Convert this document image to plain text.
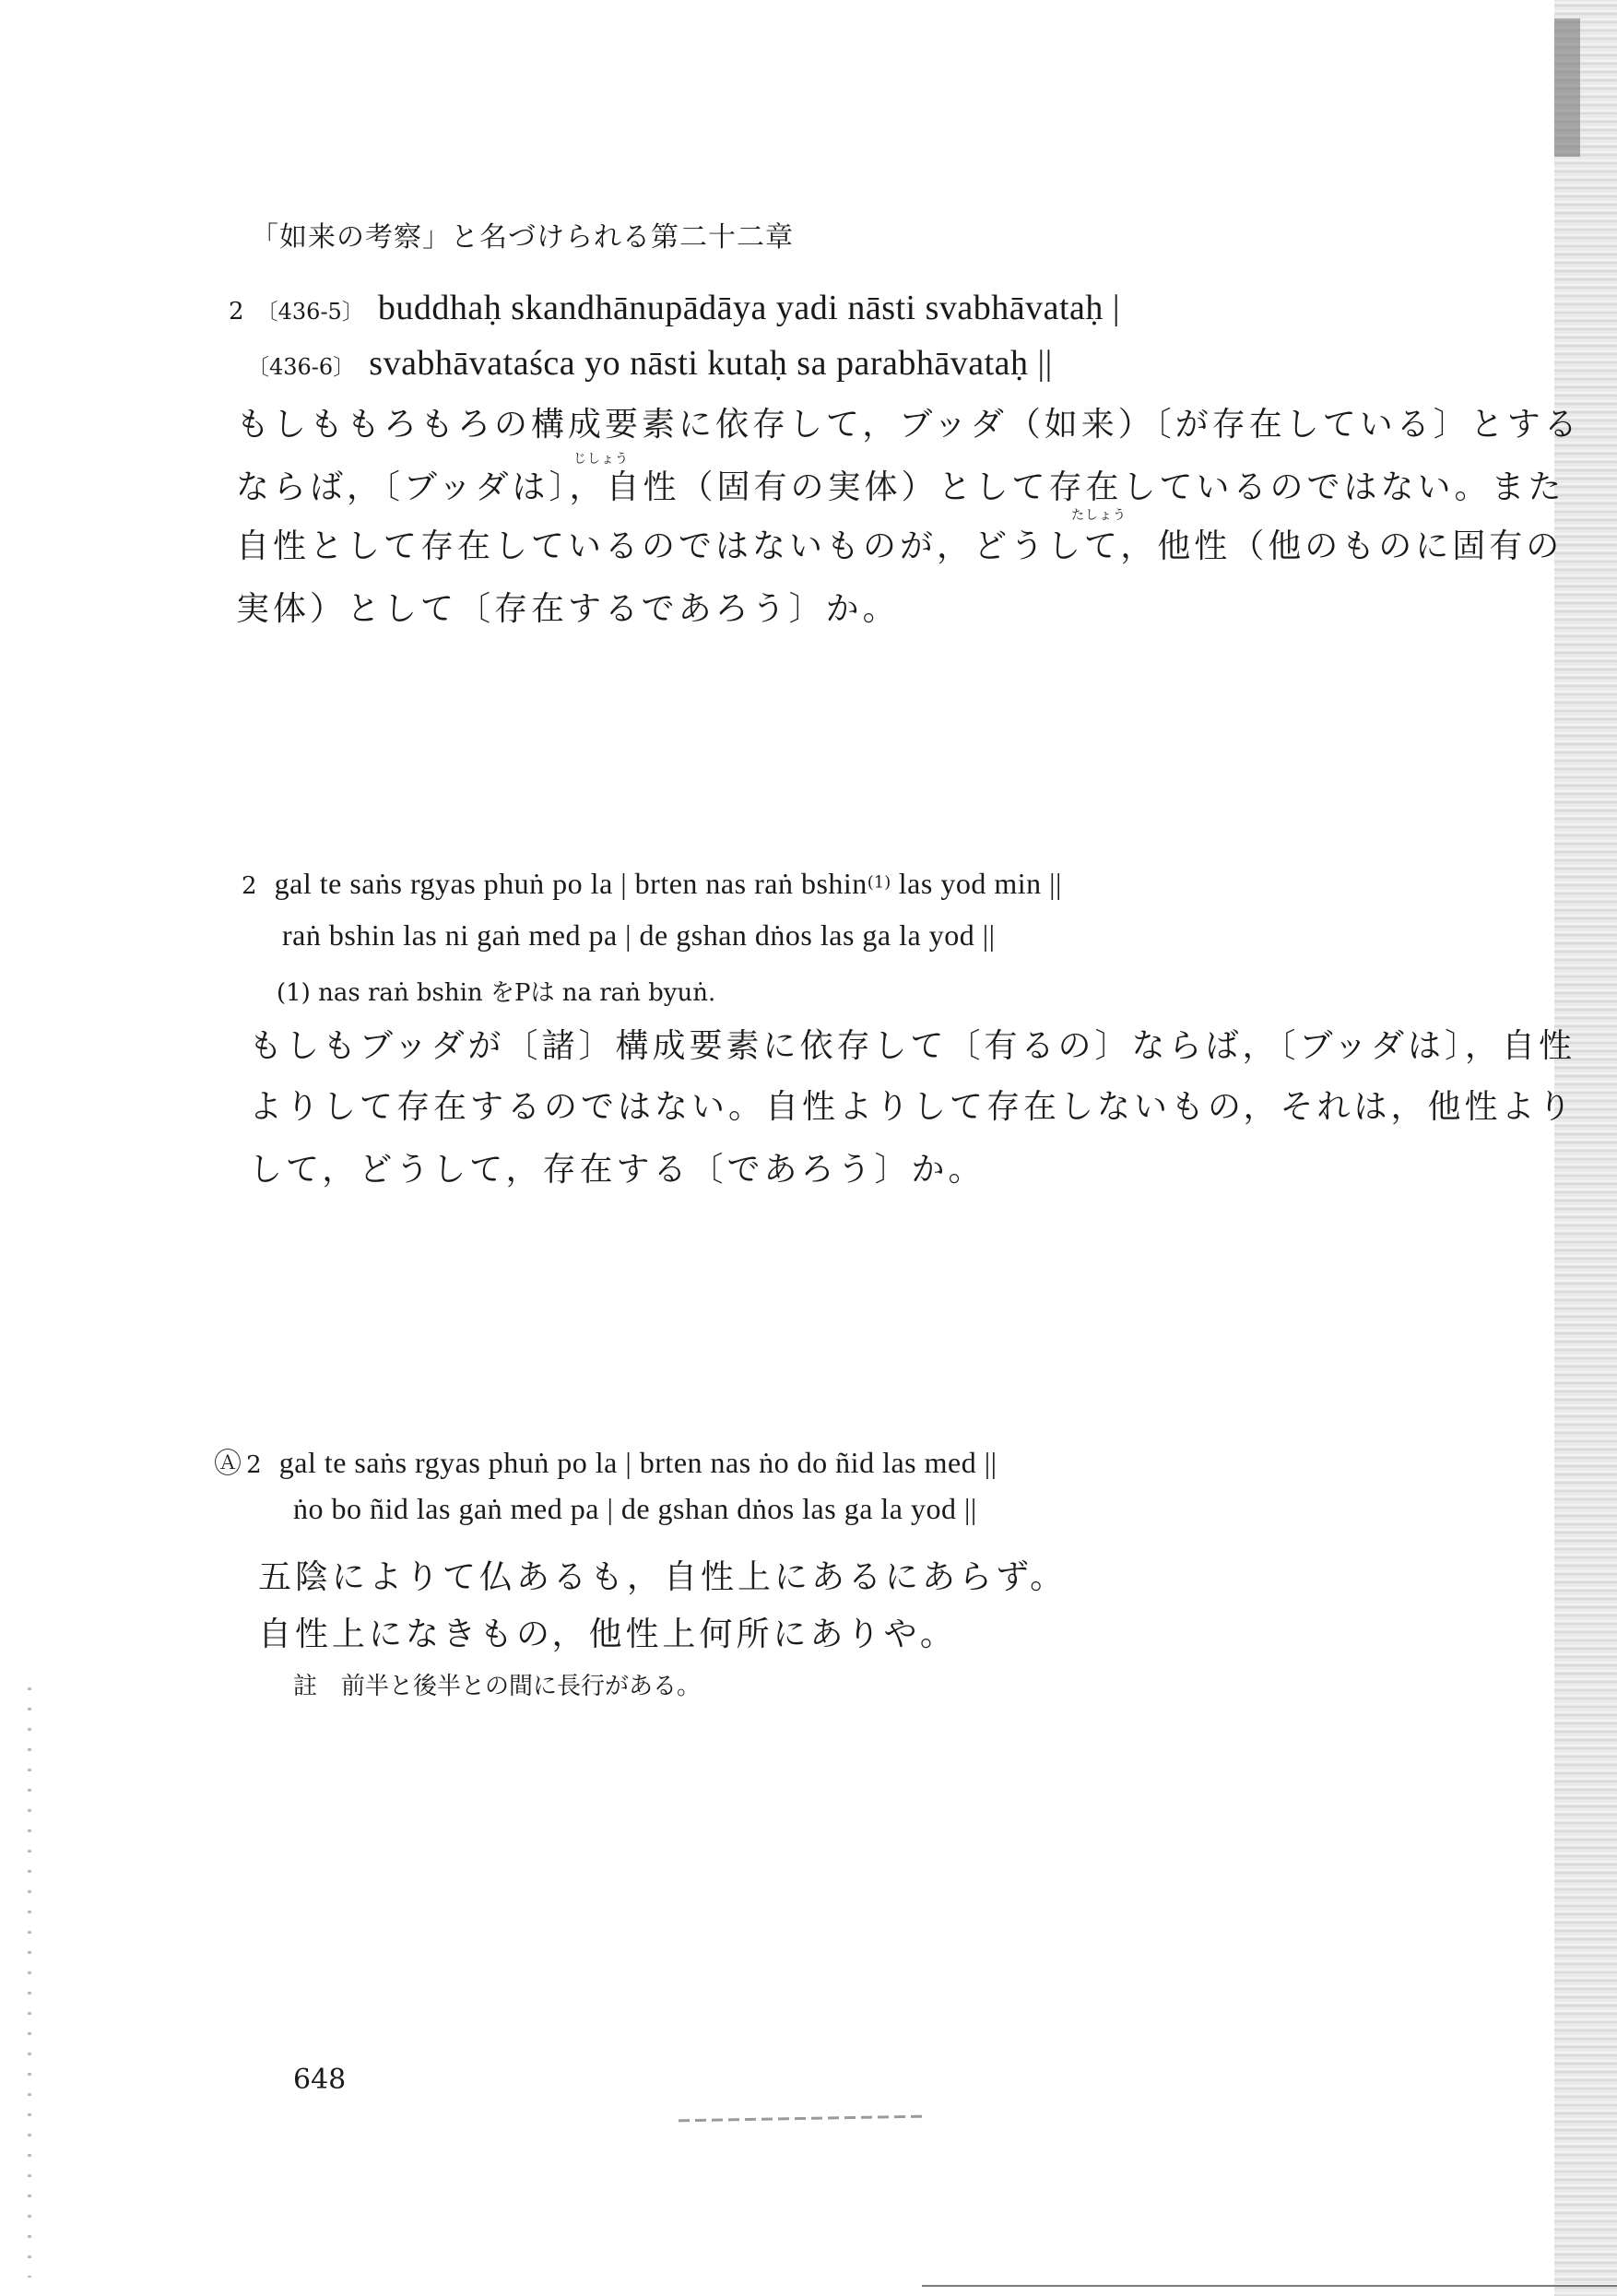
「如来の考察」と名づけられる第二十二章
2 〔436-5〕 buddhaḥ skandhānupādāya yadi nāsti svabhāvataḥ |
〔436-6〕 svabhāvataśca yo nāsti kutaḥ sa parabhāvataḥ ||
もしももろもろの構成要素に依存して，ブッダ（如来）〔が存在している〕とする
じしょう
ならば，〔ブッダは〕，自性（固有の実体）として存在しているのではない。また
たしょう
自性として存在しているのではないものが，どうして，他性（他のものに固有の
実体）として〔存在するであろう〕か。
2 gal te saṅs rgyas phuṅ po la | brten nas raṅ bshin(1) las yod min ||
raṅ bshin las ni gaṅ med pa | de gshan dṅos las ga la yod ||
(1) nas raṅ bshin をPは na raṅ byuṅ.
もしもブッダが〔諸〕構成要素に依存して〔有るの〕ならば，〔ブッダは〕，自性
よりして存在するのではない。自性よりして存在しないもの，それは，他性より
して，どうして，存在する〔であろう〕か。
Ⓐ 2 gal te saṅs rgyas phuṅ po la | brten nas ṅo do ñid las med ||
ṅo bo ñid las gaṅ med pa | de gshan dṅos las ga la yod ||
五陰によりて仏あるも，自性上にあるにあらず。
自性上になきもの，他性上何所にありや。
註　前半と後半との間に長行がある。
648
